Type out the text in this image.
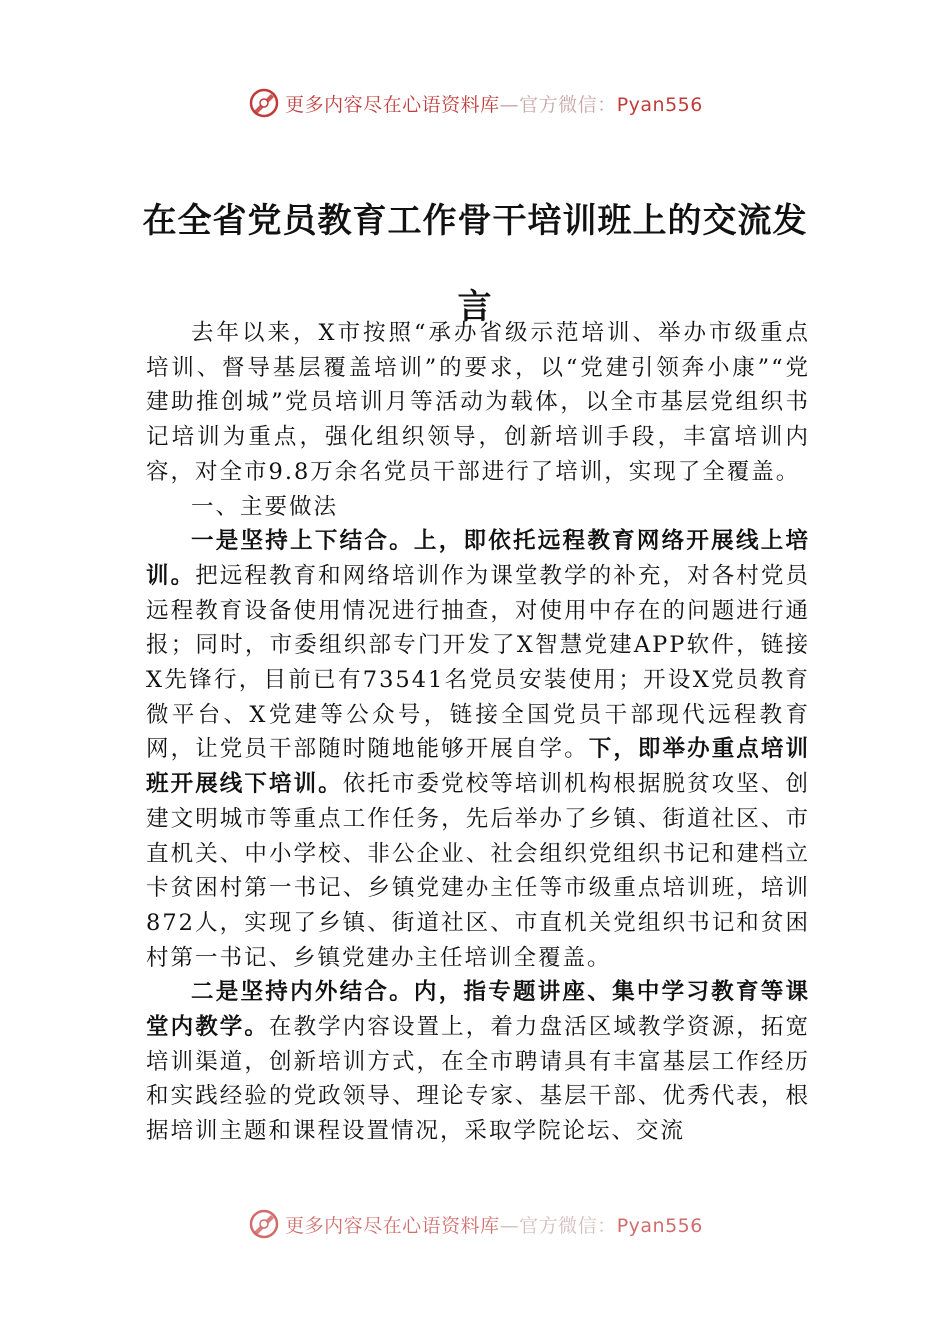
更多内容尽在心语资料库—官方微信：Pyan556
在全省党员教育工作骨干培训班上的交流发言

去年以来，X市按照“承办省级示范培训、举办市级重点培训、督导基层覆盖培训”的要求，以“党建引领奔小康”“党建助推创城”党员培训月等活动为载体，以全市基层党组织书记培训为重点，强化组织领导，创新培训手段，丰富培训内容，对全市9.8万余名党员干部进行了培训，实现了全覆盖。

一、主要做法

一是坚持上下结合。上，即依托远程教育网络开展线上培训。把远程教育和网络培训作为课堂教学的补充，对各村党员远程教育设备使用情况进行抽查，对使用中存在的问题进行通报；同时，市委组织部专门开发了X智慧党建APP软件，链接X先锋行，目前已有73541名党员安装使用；开设X党员教育微平台、X党建等公众号，链接全国党员干部现代远程教育网，让党员干部随时随地能够开展自学。下，即举办重点培训班开展线下培训。依托市委党校等培训机构根据脱贫攻坚、创建文明城市等重点工作任务，先后举办了乡镇、街道社区、市直机关、中小学校、非公企业、社会组织党组织书记和建档立卡贫困村第一书记、乡镇党建办主任等市级重点培训班，培训872人，实现了乡镇、街道社区、市直机关党组织书记和贫困村第一书记、乡镇党建办主任培训全覆盖。

二是坚持内外结合。内，指专题讲座、集中学习教育等课堂内教学。在教学内容设置上，着力盘活区域教学资源，拓宽培训渠道，创新培训方式，在全市聘请具有丰富基层工作经历和实践经验的党政领导、理论专家、基层干部、优秀代表，根据培训主题和课程设置情况，采取学院论坛、交流

更多内容尽在心语资料库—官方微信：Pyan556
